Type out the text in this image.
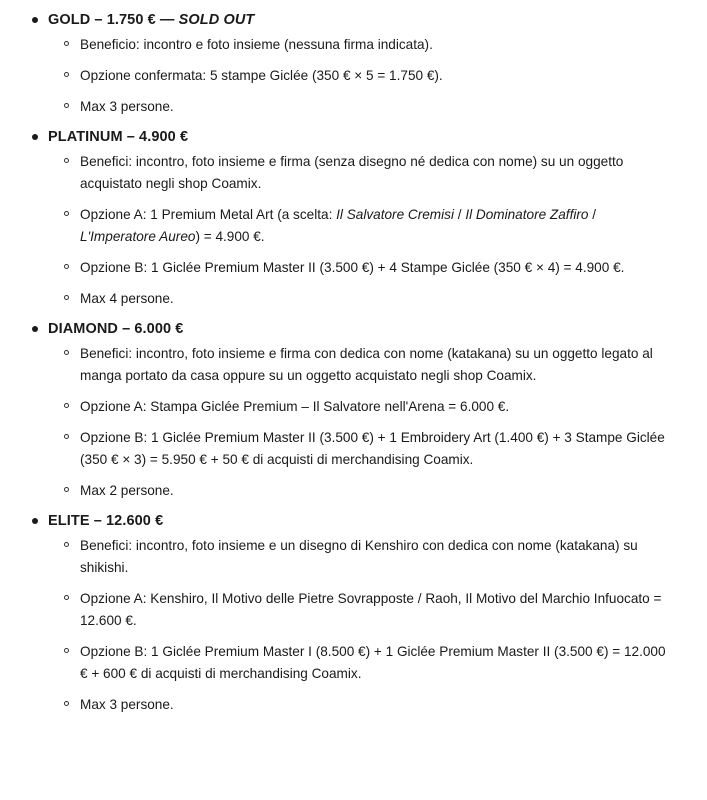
GOLD – 1.750 € — SOLD OUT
Beneficio: incontro e foto insieme (nessuna firma indicata).
Opzione confermata: 5 stampe Giclée (350 € × 5 = 1.750 €).
Max 3 persone.
PLATINUM – 4.900 €
Benefici: incontro, foto insieme e firma (senza disegno né dedica con nome) su un oggetto acquistato negli shop Coamix.
Opzione A: 1 Premium Metal Art (a scelta: Il Salvatore Cremisi / Il Dominatore Zaffiro / L'Imperatore Aureo) = 4.900 €.
Opzione B: 1 Giclée Premium Master II (3.500 €) + 4 Stampe Giclée (350 € × 4) = 4.900 €.
Max 4 persone.
DIAMOND – 6.000 €
Benefici: incontro, foto insieme e firma con dedica con nome (katakana) su un oggetto legato al manga portato da casa oppure su un oggetto acquistato negli shop Coamix.
Opzione A: Stampa Giclée Premium – Il Salvatore nell'Arena = 6.000 €.
Opzione B: 1 Giclée Premium Master II (3.500 €) + 1 Embroidery Art (1.400 €) + 3 Stampe Giclée (350 € × 3) = 5.950 € + 50 € di acquisti di merchandising Coamix.
Max 2 persone.
ELITE – 12.600 €
Benefici: incontro, foto insieme e un disegno di Kenshiro con dedica con nome (katakana) su shikishi.
Opzione A: Kenshiro, Il Motivo delle Pietre Sovrapposte / Raoh, Il Motivo del Marchio Infuocato = 12.600 €.
Opzione B: 1 Giclée Premium Master I (8.500 €) + 1 Giclée Premium Master II (3.500 €) = 12.000 € + 600 € di acquisti di merchandising Coamix.
Max 3 persone.
